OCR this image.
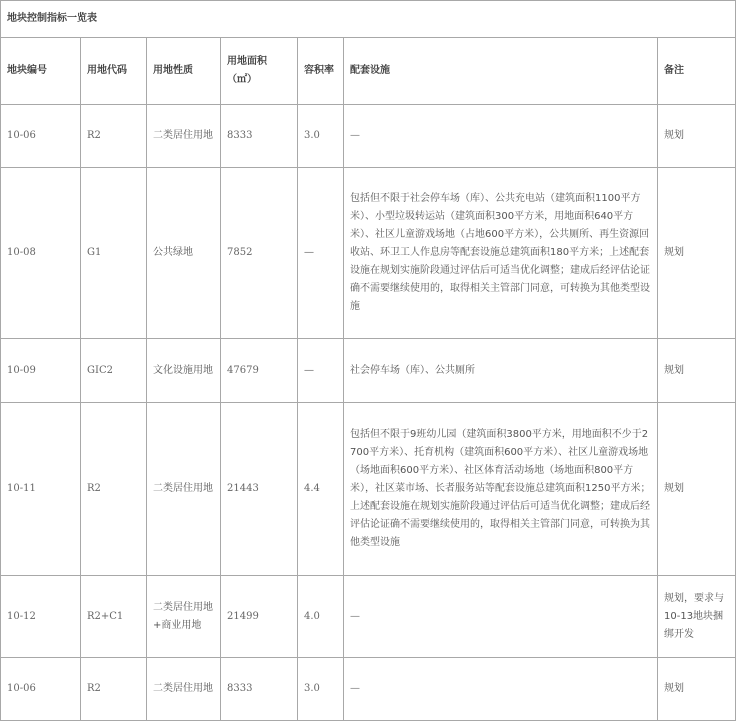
地块控制指标一览表						
地块编号	用地代码	用地性质	用地面积（㎡）	容积率	配套设施	备注
10-06	R2	二类居住用地	8333	3.0	—	规划
10-08	G1	公共绿地	7852	—	包括但不限于社会停车场（库）、公共充电站（建筑面积1100平方米）、小型垃圾转运站（建筑面积300平方米，用地面积640平方米）、社区儿童游戏场地（占地600平方米），公共厕所、再生资源回收站、环卫工人作息房等配套设施总建筑面积180平方米；上述配套设施在规划实施阶段通过评估后可适当优化调整；建成后经评估论证确不需要继续使用的，取得相关主管部门同意，可转换为其他类型设施	规划
10-09	GIC2	文化设施用地	47679	—	社会停车场（库）、公共厕所	规划
10-11	R2	二类居住用地	21443	4.4	包括但不限于9班幼儿园（建筑面积3800平方米，用地面积不少于2700平方米）、托育机构（建筑面积600平方米）、社区儿童游戏场地（场地面积600平方米）、社区体育活动场地（场地面积800平方米），社区菜市场、长者服务站等配套设施总建筑面积1250平方米；上述配套设施在规划实施阶段通过评估后可适当优化调整；建成后经评估论证确不需要继续使用的，取得相关主管部门同意，可转换为其他类型设施	规划
10-12	R2+C1	二类居住用地+商业用地	21499	4.0	—	规划，要求与10-13地块捆绑开发
10-06	R2	二类居住用地	8333	3.0	—	规划
